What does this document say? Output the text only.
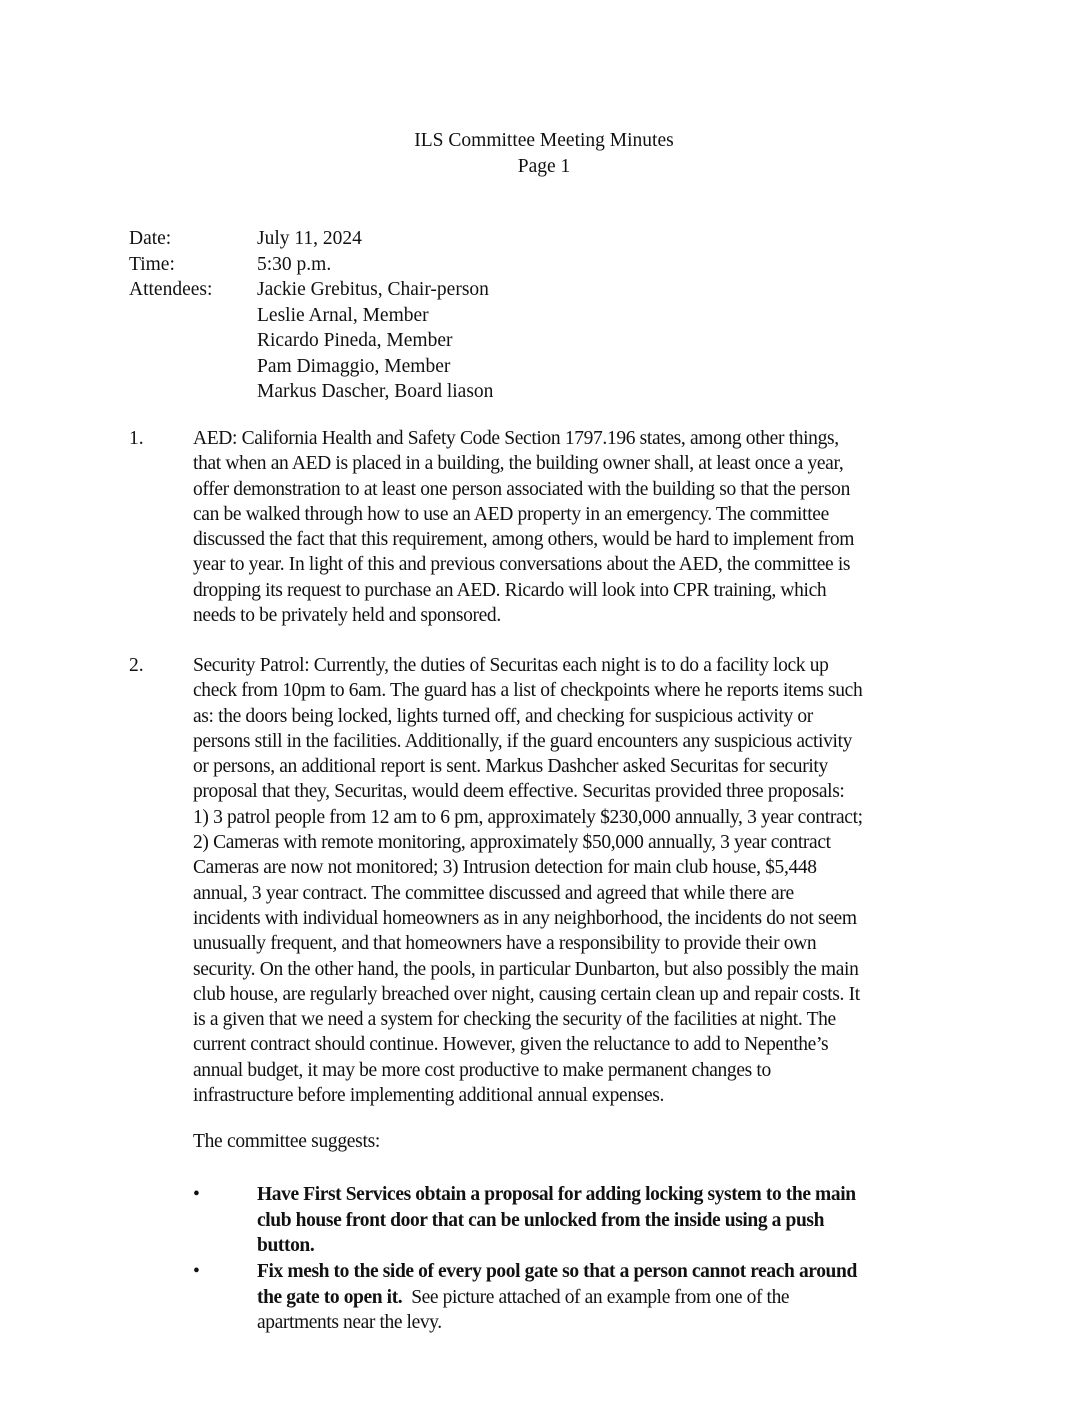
ILS Committee Meeting Minutes
Page 1
Date:	July 11, 2024
Time:	5:30 p.m.
Attendees:	Jackie Grebitus, Chair-person
Leslie Arnal, Member
Ricardo Pineda, Member
Pam Dimaggio, Member
Markus Dascher, Board liason
1.	AED: California Health and Safety Code Section 1797.196 states, among other things,
that when an AED is placed in a building, the building owner shall, at least once a year,
offer demonstration to at least one person associated with the building so that the person
can be walked through how to use an AED property in an emergency. The committee
discussed the fact that this requirement, among others, would be hard to implement from
year to year. In light of this and previous conversations about the AED, the committee is
dropping its request to purchase an AED. Ricardo will look into CPR training, which
needs to be privately held and sponsored.
2.	Security Patrol: Currently, the duties of Securitas each night is to do a facility lock up
check from 10pm to 6am. The guard has a list of checkpoints where he reports items such
as: the doors being locked, lights turned off, and checking for suspicious activity or
persons still in the facilities. Additionally, if the guard encounters any suspicious activity
or persons, an additional report is sent. Markus Dashcher asked Securitas for security
proposal that they, Securitas, would deem effective. Securitas provided three proposals:
1) 3 patrol people from 12 am to 6 pm, approximately $230,000 annually, 3 year contract;
2) Cameras with remote monitoring, approximately $50,000 annually, 3 year contract
Cameras are now not monitored; 3) Intrusion detection for main club house, $5,448
annual, 3 year contract. The committee discussed and agreed that while there are
incidents with individual homeowners as in any neighborhood, the incidents do not seem
unusually frequent, and that homeowners have a responsibility to provide their own
security. On the other hand, the pools, in particular Dunbarton, but also possibly the main
club house, are regularly breached over night, causing certain clean up and repair costs. It
is a given that we need a system for checking the security of the facilities at night. The
current contract should continue. However, given the reluctance to add to Nepenthe’s
annual budget, it may be more cost productive to make permanent changes to
infrastructure before implementing additional annual expenses.
The committee suggests:
•	Have First Services obtain a proposal for adding locking system to the main
club house front door that can be unlocked from the inside using a push
button.
•	Fix mesh to the side of every pool gate so that a person cannot reach around
the gate to open it.  See picture attached of an example from one of the
apartments near the levy.
